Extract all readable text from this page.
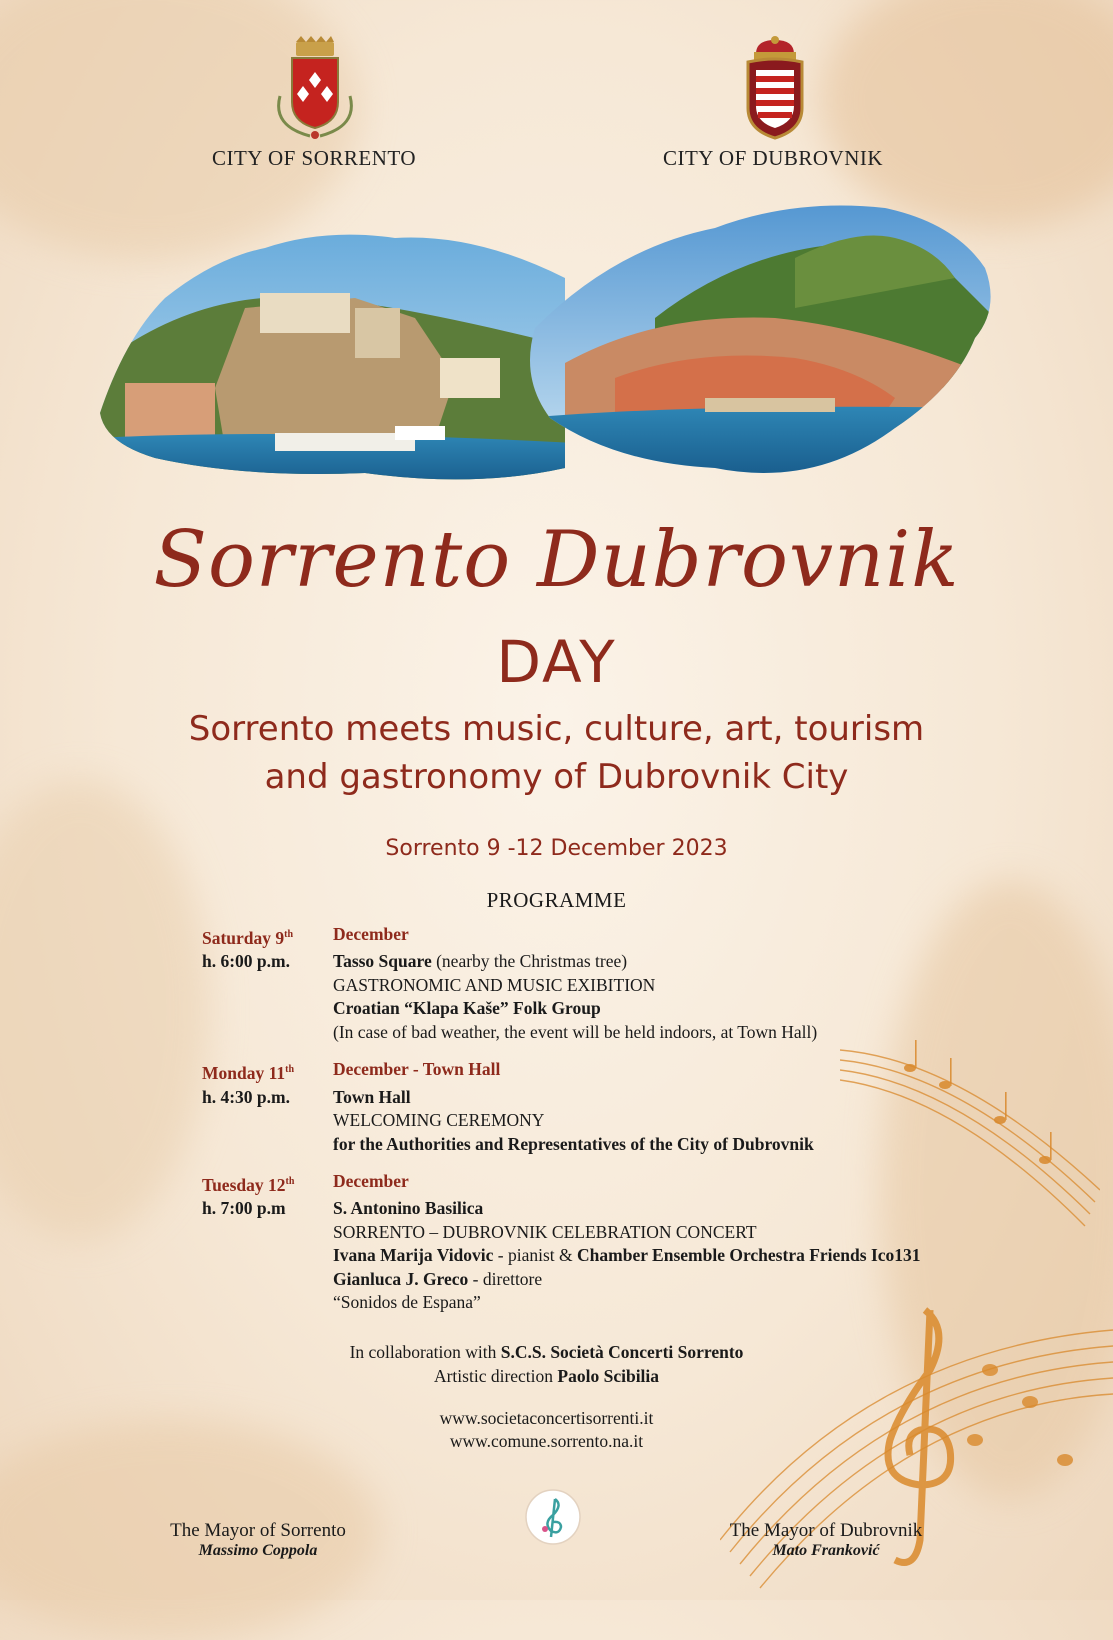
CITY OF SORRENTO	CITY OF DUBROVNIK
Sorrento Dubrovnik
DAY
Sorrento meets music, culture, art, tourism
and gastronomy of Dubrovnik City
Sorrento 9 -12 December 2023
PROGRAMME
Saturday 9th	December
h. 6:00 p.m.	Tasso Square (nearby the Christmas tree)
GASTRONOMIC AND MUSIC EXIBITION
Croatian “Klapa Kaše” Folk Group
(In case of bad weather, the event will be held indoors, at Town Hall)
Monday 11th	December - Town Hall
h. 4:30 p.m.	Town Hall
WELCOMING CEREMONY
for the Authorities and Representatives of the City of Dubrovnik
Tuesday 12th	December
h. 7:00 p.m	S. Antonino Basilica
SORRENTO – DUBROVNIK CELEBRATION CONCERT
Ivana Marija Vidovic - pianist & Chamber Ensemble Orchestra Friends Ico131
Gianluca J. Greco - direttore
“Sonidos de Espana”
In collaboration with S.C.S. Società Concerti Sorrento
Artistic direction Paolo Scibilia
www.societaconcertisorrenti.it
www.comune.sorrento.na.it
The Mayor of Sorrento
Massimo Coppola
The Mayor of Dubrovnik
Mato Franković
